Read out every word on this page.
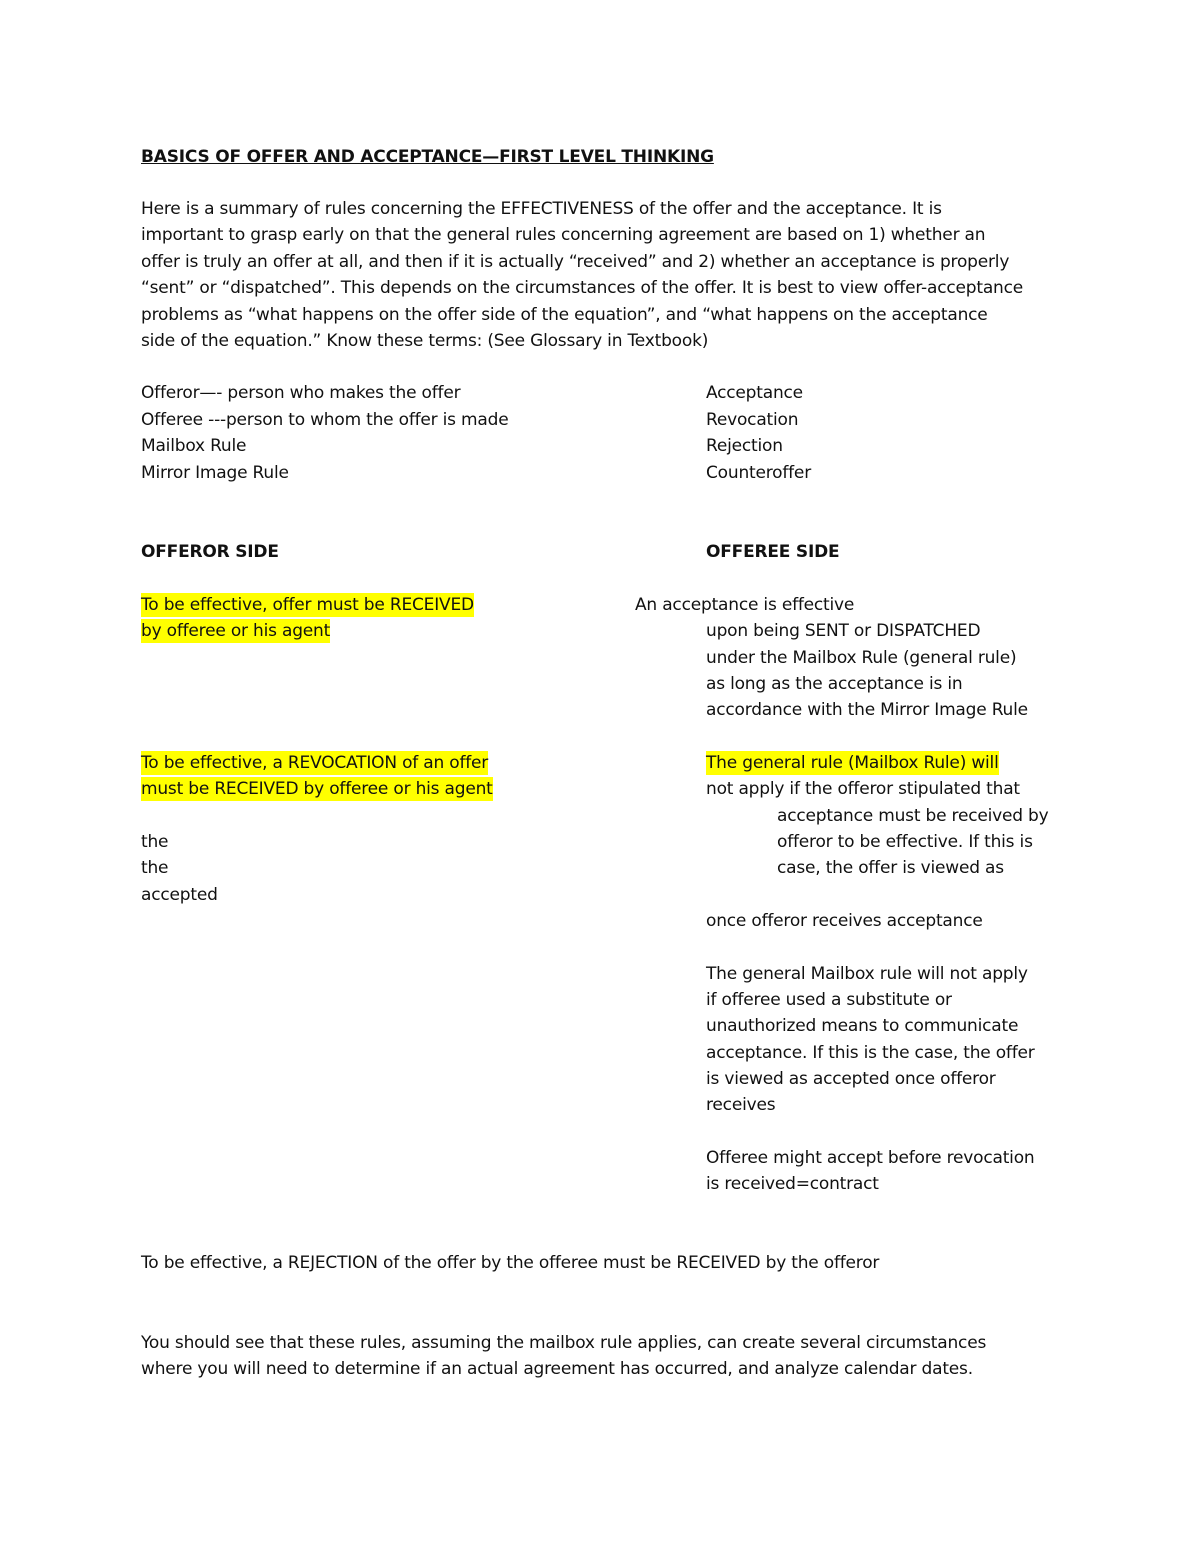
BASICS OF OFFER AND ACCEPTANCE—FIRST LEVEL THINKING
Here is a summary of rules concerning the EFFECTIVENESS of the offer and the acceptance. It is
important to grasp early on that the general rules concerning agreement are based on 1) whether an
offer is truly an offer at all, and then if it is actually “received” and 2) whether an acceptance is properly
“sent” or “dispatched”. This depends on the circumstances of the offer. It is best to view offer-acceptance
problems as “what happens on the offer side of the equation”, and “what happens on the acceptance
side of the equation.” Know these terms: (See Glossary in Textbook)
Offeror—- person who makes the offer
Offeree ---person to whom the offer is made
Mailbox Rule
Mirror Image Rule
Acceptance
Revocation
Rejection
Counteroffer
OFFEROR SIDE	OFFEREE SIDE
To be effective, offer must be RECEIVED
by offeree or his agent
An acceptance is effective
upon being SENT or DISPATCHED
under the Mailbox Rule (general rule)
as long as the acceptance is in
accordance with the Mirror Image Rule
To be effective, a REVOCATION of an offer
must be RECEIVED by offeree or his agent
the
the
accepted
The general rule (Mailbox Rule) will
not apply if the offeror stipulated that
acceptance must be received by
offeror to be effective. If this is
case, the offer is viewed as
once offeror receives acceptance
The general Mailbox rule will not apply
if offeree used a substitute or
unauthorized means to communicate
acceptance. If this is the case, the offer
is viewed as accepted once offeror
receives
Offeree might accept before revocation
is received=contract
To be effective, a REJECTION of the offer by the offeree must be RECEIVED by the offeror
You should see that these rules, assuming the mailbox rule applies, can create several circumstances
where you will need to determine if an actual agreement has occurred, and analyze calendar dates.
